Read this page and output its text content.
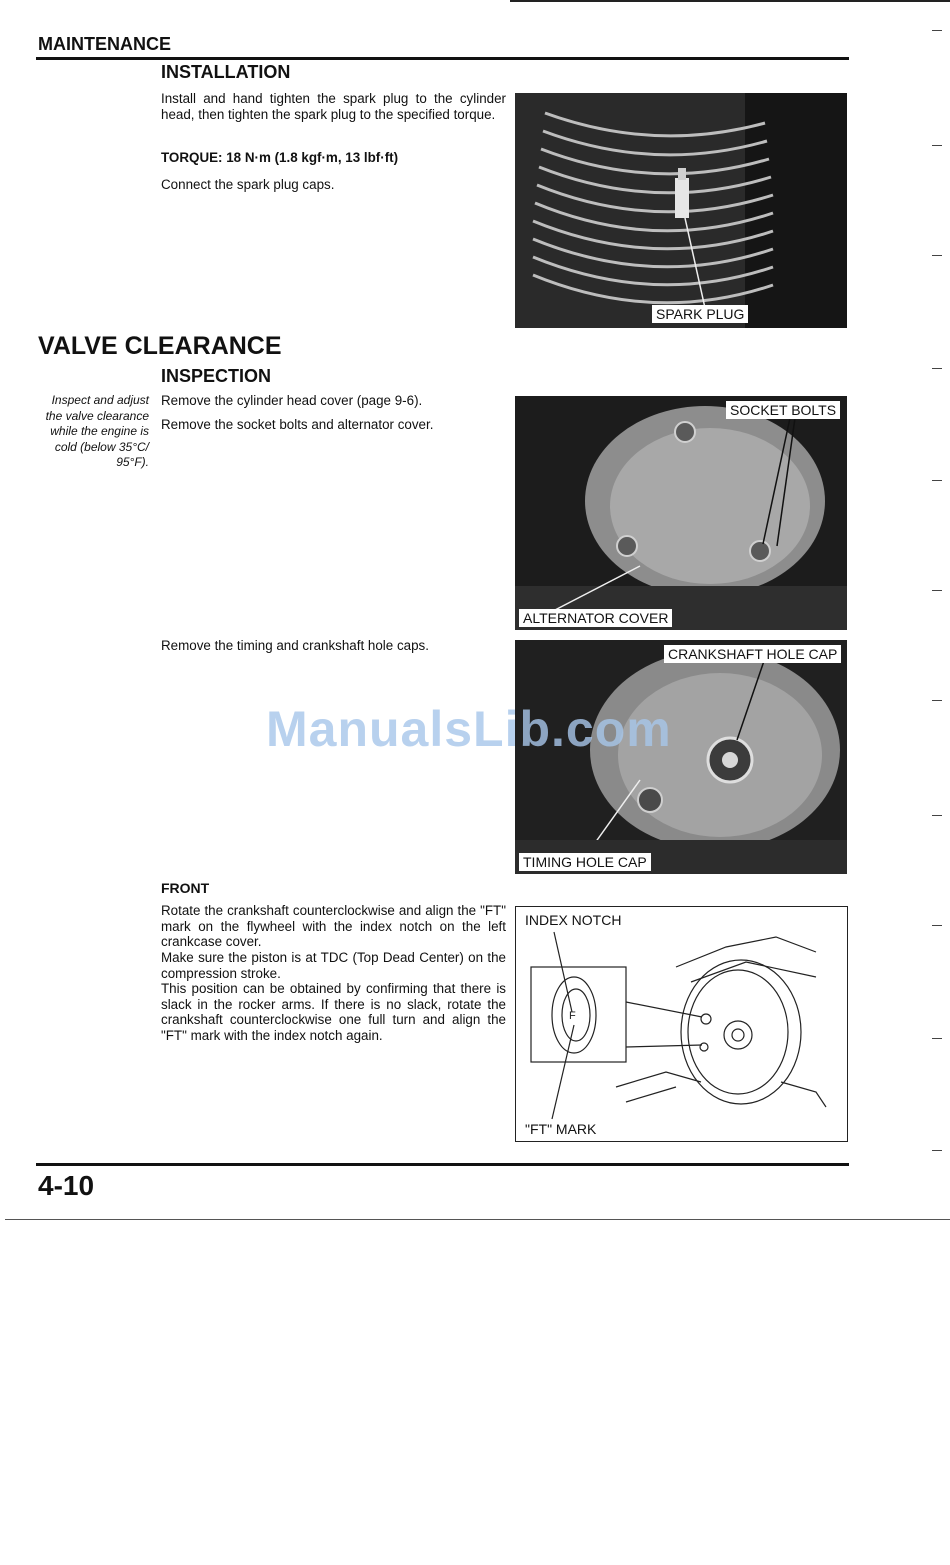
MAINTENANCE
INSTALLATION
Install and hand tighten the spark plug to the cylinder head, then tighten the spark plug to the specified torque.
TORQUE: 18 N·m (1.8 kgf·m, 13 lbf·ft)
Connect the spark plug caps.
SPARK PLUG
VALVE CLEARANCE
INSPECTION
Inspect and adjust the valve clearance while the engine is cold (below 35°C/ 95°F).
Remove the cylinder head cover (page 9-6).
Remove the socket bolts and alternator cover.
SOCKET BOLTS
ALTERNATOR COVER
Remove the timing and crankshaft hole caps.
CRANKSHAFT HOLE CAP
TIMING HOLE CAP
ManualsLib.com
FRONT
Rotate the crankshaft counterclockwise and align the "FT" mark on the flywheel with the index notch on the left crankcase cover.
Make sure the piston is at TDC (Top Dead Center) on the compression stroke.
This position can be obtained by confirming that there is slack in the rocker arms. If there is no slack, rotate the crankshaft counterclockwise one full turn and align the "FT" mark with the index notch again.
F
INDEX NOTCH
"FT" MARK
4-10
